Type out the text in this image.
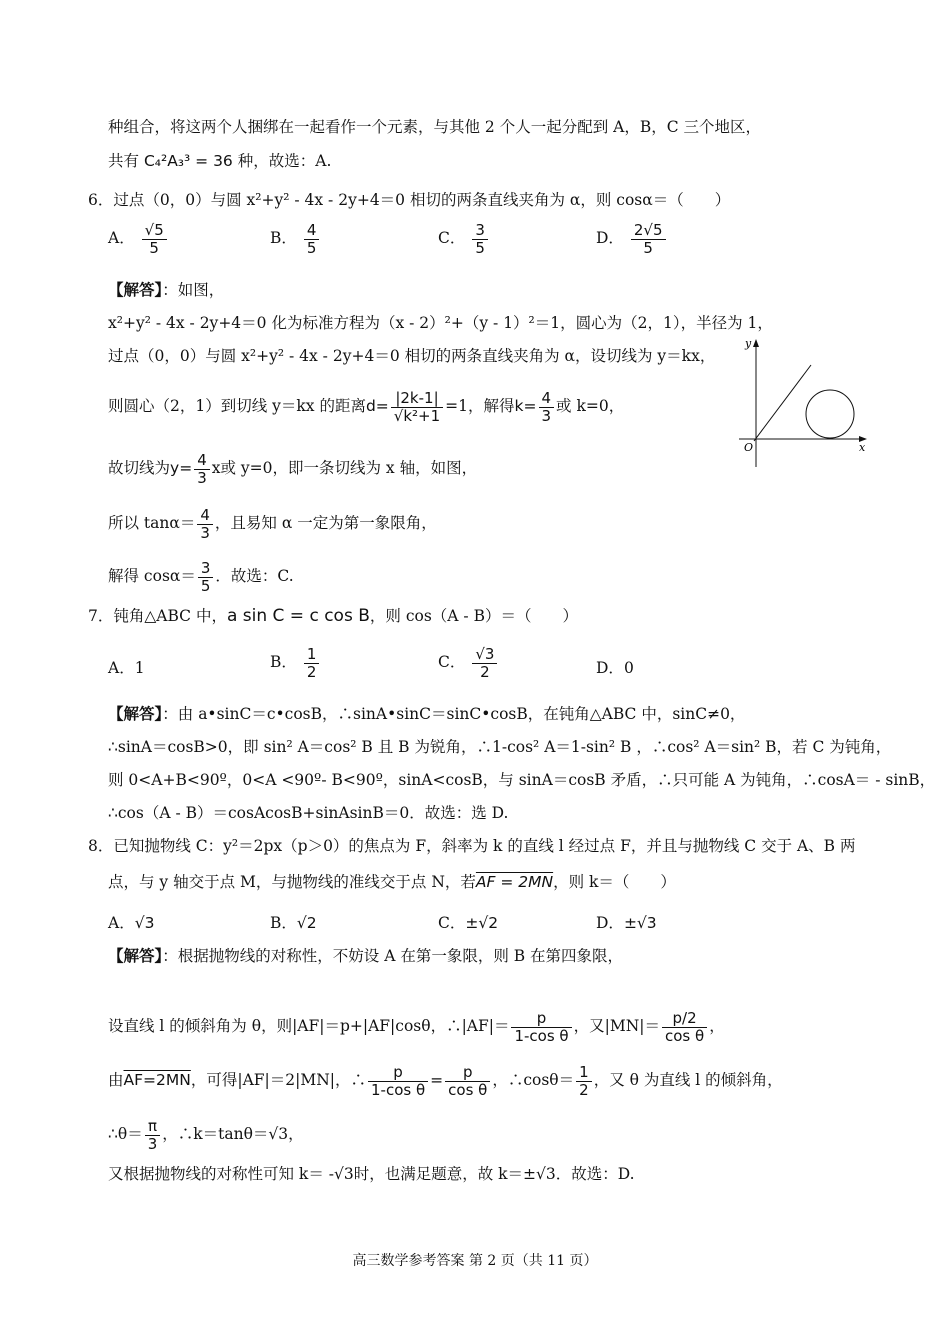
种组合，将这两个人捆绑在一起看作一个元素，与其他 2 个人一起分配到 A，B，C 三个地区，
共有 C₄²A₃³ = 36 种，故选：A.
6．过点（0，0）与圆 x²+y² - 4x - 2y+4＝0 相切的两条直线夹角为 α，则 cosα＝（　　）
A． $\frac{√5}{5}$	B． $\frac{4}{5}$	C． $\frac{3}{5}$	D． $\frac{2√5}{5}$
【解答】：如图，
x²+y² - 4x - 2y+4＝0 化为标准方程为（x - 2）²+（y - 1）²＝1，圆心为（2，1），半径为 1，
过点（0，0）与圆 x²+y² - 4x - 2y+4＝0 相切的两条直线夹角为 α，设切线为 y＝kx，
则圆心（2，1）到切线 y＝kx 的距离$d= \frac{|2k-1|}{\text{√k²+1}} =1$，解得$k= \frac{4}{3}$ 或 k=0，
故切线为$y= \frac{4}{3}$ x或 y=0，即一条切线为 x 轴，如图，
所以 $\tan\alpha= \frac{4}{3}$ ，且易知 α 一定为第一象限角，
解得 $\cos\alpha= \frac{3}{5}$ ．故选：C.
y
x
O
7．钝角△ABC 中，a sin C = c cos B，则 cos（A - B）＝（　　）
A．1	B． $\frac{1}{2}$	C． $\frac{√3}{2}$	D．0
【解答】：由 a•sinC＝c•cosB，∴sinA•sinC＝sinC•cosB，在钝角△ABC 中，sinC≠0，
∴sinA＝cosB>0，即 sin² A＝cos² B 且 B 为锐角，∴1-cos² A＝1-sin² B ，∴cos² A＝sin² B，若 C 为钝角，
则 0<A+B<90º，0<A <90º- B<90º，sinA<cosB，与 sinA＝cosB 矛盾，∴只可能 A 为钝角，∴cosA＝ - sinB，
∴cos（A - B）＝cosAcosB+sinAsinB＝0．故选：选 D.
8．已知抛物线 C：y²＝2px（p＞0）的焦点为 F，斜率为 k 的直线 l 经过点 F，并且与抛物线 C 交于 A、B 两
点，与 y 轴交于点 M，与抛物线的准线交于点 N，若AF = 2MN，则 k＝（　　）
A．√3	B．√2	C．±√2	D．±√3
【解答】：根据抛物线的对称性，不妨设 A 在第一象限，则 B 在第四象限，
设直线 l 的倾斜角为 θ，则|AF|＝p+|AF|cosθ，∴|AF|＝ $\frac{p}{\text{1-cos θ}}$ ，又$|MN|= \frac{p/2}{\text{cos θ}}$ ，
由AF=2MN，可得|AF|＝2|MN|，∴ $\frac{p}{\text{1-cos θ}} = \frac{p}{\text{cos θ}}$ ，∴cosθ＝ $\frac{1}{2}$ ，又 θ 为直线 l 的倾斜角，
∴θ＝ $\frac{\pi}{3}$ ，∴k＝tanθ＝√3，
又根据抛物线的对称性可知 k＝ -√3时，也满足题意，故 k＝±√3．故选：D.
高三数学参考答案 第 2 页（共 11 页）
